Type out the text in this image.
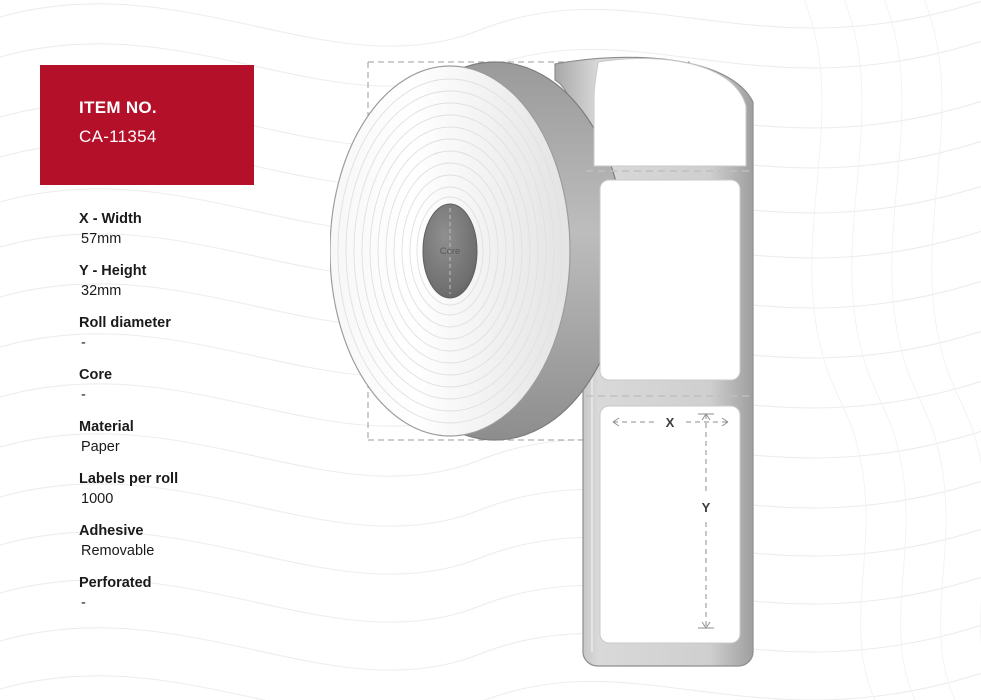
ITEM NO.
CA-11354
X - Width
57mm
Y - Height
32mm
Roll diameter
-
Core
-
Material
Paper
Labels per roll
1000
Adhesive
Removable
Perforated
-
Core
X
Y
